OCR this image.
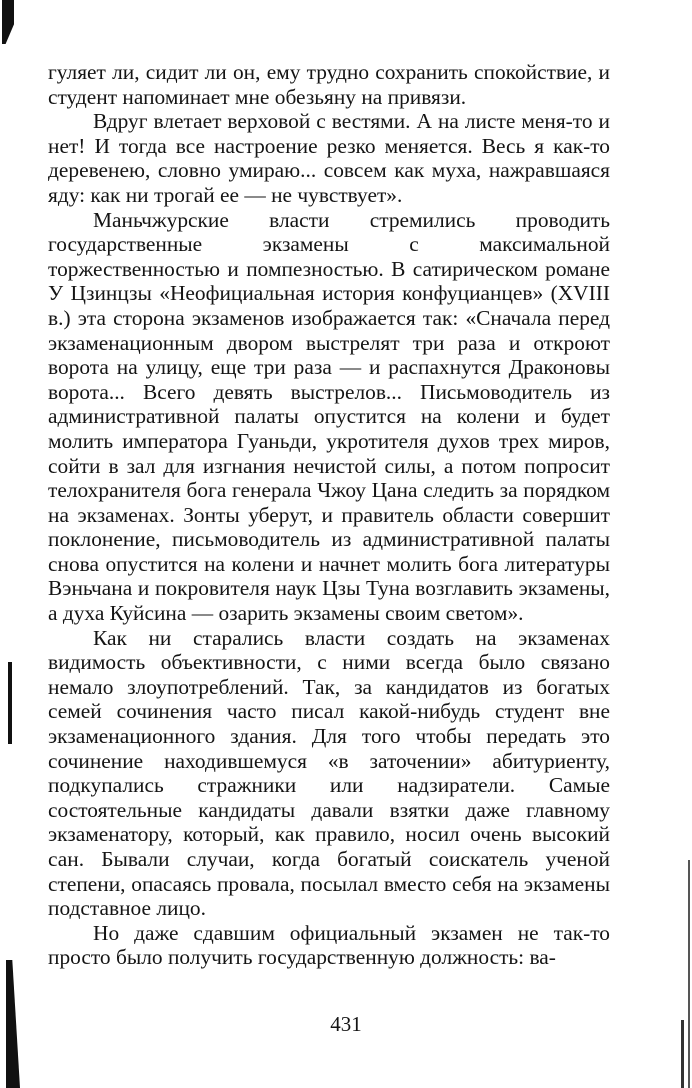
гуляет ли, сидит ли он, ему трудно сохранить спокойствие, и студент напоминает мне обезьяну на привязи.

Вдруг влетает верховой с вестями. А на листе меня-то и нет! И тогда все настроение резко меняется. Весь я как-то деревенею, словно умираю... совсем как муха, нажравшаяся яду: как ни трогай ее — не чувствует».

Маньчжурские власти стремились проводить государственные экзамены с максимальной торжественностью и помпезностью. В сатирическом романе У Цзинцзы «Неофициальная история конфуцианцев» (XVIII в.) эта сторона экзаменов изображается так: «Сначала перед экзаменационным двором выстрелят три раза и откроют ворота на улицу, еще три раза — и распахнутся Драконовы ворота... Всего девять выстрелов... Письмоводитель из административной палаты опустится на колени и будет молить императора Гуаньди, укротителя духов трех миров, сойти в зал для изгнания нечистой силы, а потом попросит телохранителя бога генерала Чжоу Цана следить за порядком на экзаменах. Зонты уберут, и правитель области совершит поклонение, письмоводитель из административной палаты снова опустится на колени и начнет молить бога литературы Вэньчана и покровителя наук Цзы Туна возглавить экзамены, а духа Куйсина — озарить экзамены своим светом».

Как ни старались власти создать на экзаменах видимость объективности, с ними всегда было связано немало злоупотреблений. Так, за кандидатов из богатых семей сочинения часто писал какой-нибудь студент вне экзаменационного здания. Для того чтобы передать это сочинение находившемуся «в заточении» абитуриенту, подкупались стражники или надзиратели. Самые состоятельные кандидаты давали взятки даже главному экзаменатору, который, как правило, носил очень высокий сан. Бывали случаи, когда богатый соискатель ученой степени, опасаясь провала, посылал вместо себя на экзамены подставное лицо.

Но даже сдавшим официальный экзамен не так-то просто было получить государственную должность: ва-

431
